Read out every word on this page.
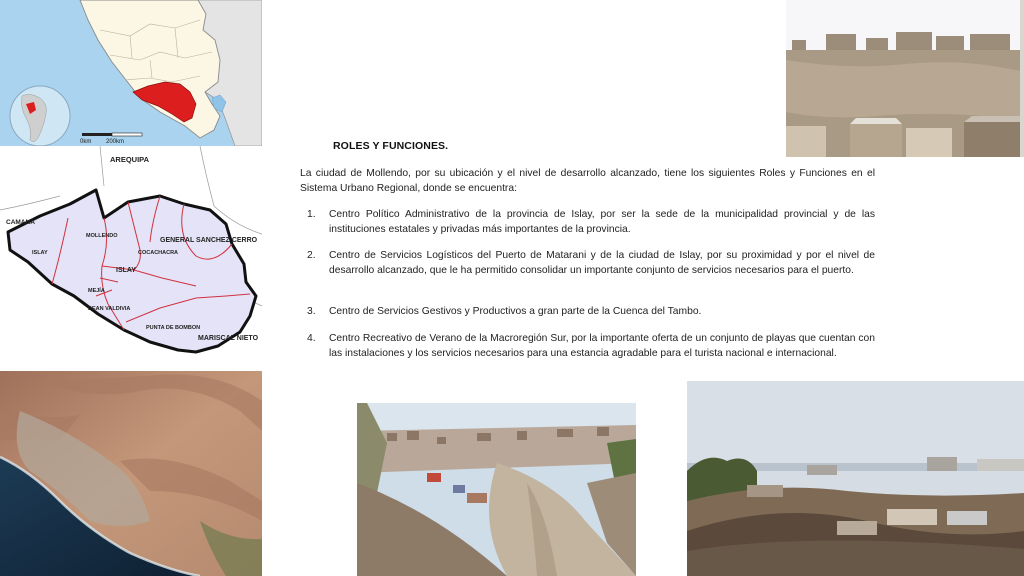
0km 200km
AREQUIPA
CAMANÁ
GENERAL SANCHEZ CERRO
MARISCAL NIETO
ISLAY
MOLLENDO
COCACHACRA
ISLAY
MEJÍA
DEAN VALDIVIA
PUNTA DE BOMBON
ROLES Y FUNCIONES.
La ciudad de Mollendo, por su ubicación y el nivel de desarrollo alcanzado, tiene los siguientes Roles y Funciones en el Sistema Urbano Regional, donde se encuentra:
1.	Centro Político Administrativo de la provincia de Islay, por ser la sede de la municipalidad provincial y de las instituciones estatales y privadas más importantes de la provincia.
2.	Centro de Servicios Logísticos del Puerto de Matarani y de la ciudad de Islay, por su proximidad y por el nivel de desarrollo alcanzado, que le ha permitido consolidar un importante conjunto de servicios necesarios para el puerto.
3.	Centro de Servicios Gestivos y Productivos a gran parte de la Cuenca del Tambo.
4.	Centro Recreativo de Verano de la Macroregión Sur, por la importante oferta de un conjunto de playas que cuentan con las instalaciones y los servicios necesarios para una estancia agradable para el turista nacional e internacional.
